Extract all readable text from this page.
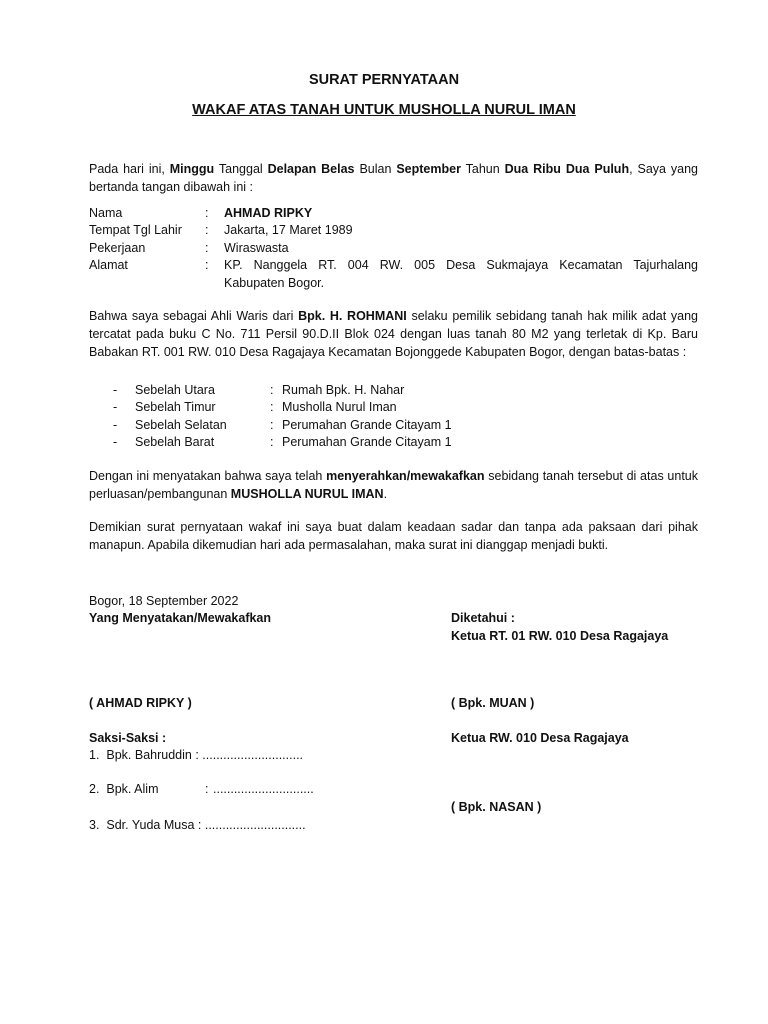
SURAT PERNYATAAN
WAKAF ATAS TANAH UNTUK MUSHOLLA NURUL IMAN
Pada hari ini, Minggu Tanggal Delapan Belas Bulan September Tahun Dua Ribu Dua Puluh, Saya yang bertanda tangan dibawah ini :
Nama	: AHMAD RIPKY
Tempat Tgl Lahir : Jakarta, 17 Maret 1989
Pekerjaan	: Wiraswasta
Alamat	: KP. Nanggela RT. 004 RW. 005 Desa Sukmajaya Kecamatan Tajurhalang
Kabupaten Bogor.
Bahwa saya sebagai Ahli Waris dari Bpk. H. ROHMANI selaku pemilik sebidang tanah hak milik adat yang tercatat pada buku C No. 711 Persil 90.D.II Blok 024 dengan luas tanah 80 M2 yang terletak di Kp. Baru Babakan RT. 001 RW. 010 Desa Ragajaya Kecamatan Bojonggede Kabupaten Bogor, dengan batas-batas :
- Sebelah Utara	: Rumah Bpk. H. Nahar
- Sebelah Timur	: Musholla Nurul Iman
- Sebelah Selatan	: Perumahan Grande Citayam 1
- Sebelah Barat	: Perumahan Grande Citayam 1
Dengan ini menyatakan bahwa saya telah menyerahkan/mewakafkan sebidang tanah tersebut di atas untuk perluasan/pembangunan MUSHOLLA NURUL IMAN.
Demikian surat pernyataan wakaf ini saya buat dalam keadaan sadar dan tanpa ada paksaan dari pihak manapun. Apabila dikemudian hari ada permasalahan, maka surat ini dianggap menjadi bukti.
Bogor, 18 September 2022
Yang Menyatakan/Mewakafkan	Diketahui :
Ketua RT. 01 RW. 010 Desa Ragajaya
( AHMAD RIPKY )	( Bpk. MUAN )
Saksi-Saksi :	Ketua RW. 010 Desa Ragajaya
1. Bpk. Bahruddin : .............................
2. Bpk. Alim	: .............................
( Bpk. NASAN )
3. Sdr. Yuda Musa : .............................
